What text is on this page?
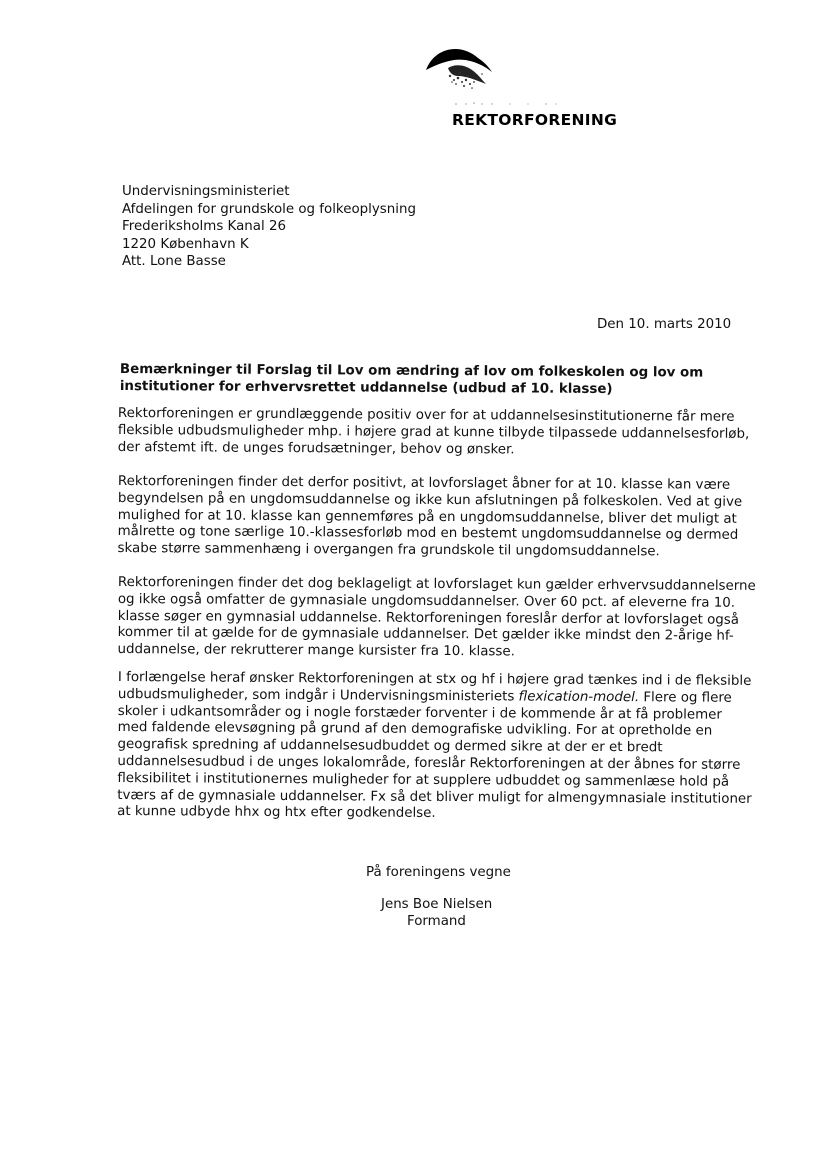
REKTORFORENING
Undervisningsministeriet
Afdelingen for grundskole og folkeoplysning
Frederiksholms Kanal 26
1220 København K
Att. Lone Basse
Den 10. marts 2010
Bemærkninger til Forslag til Lov om ændring af lov om folkeskolen og lov om
institutioner for erhvervsrettet uddannelse (udbud af 10. klasse)
Rektorforeningen er grundlæggende positiv over for at uddannelsesinstitutionerne får mere
fleksible udbudsmuligheder mhp. i højere grad at kunne tilbyde tilpassede uddannelsesforløb,
der afstemt ift. de unges forudsætninger, behov og ønsker.
Rektorforeningen finder det derfor positivt, at lovforslaget åbner for at 10. klasse kan være
begyndelsen på en ungdomsuddannelse og ikke kun afslutningen på folkeskolen. Ved at give
mulighed for at 10. klasse kan gennemføres på en ungdomsuddannelse, bliver det muligt at
målrette og tone særlige 10.-klassesforløb mod en bestemt ungdomsuddannelse og dermed
skabe større sammenhæng i overgangen fra grundskole til ungdomsuddannelse.
Rektorforeningen finder det dog beklageligt at lovforslaget kun gælder erhvervsuddannelserne
og ikke også omfatter de gymnasiale ungdomsuddannelser. Over 60 pct. af eleverne fra 10.
klasse søger en gymnasial uddannelse. Rektorforeningen foreslår derfor at lovforslaget også
kommer til at gælde for de gymnasiale uddannelser. Det gælder ikke mindst den 2-årige hf-
uddannelse, der rekrutterer mange kursister fra 10. klasse.
I forlængelse heraf ønsker Rektorforeningen at stx og hf i højere grad tænkes ind i de fleksible
udbudsmuligheder, som indgår i Undervisningsministeriets flexication-model. Flere og flere
skoler i udkantsområder og i nogle forstæder forventer i de kommende år at få problemer
med faldende elevsøgning på grund af den demografiske udvikling. For at opretholde en
geografisk spredning af uddannelsesudbuddet og dermed sikre at der er et bredt
uddannelsesudbud i de unges lokalområde, foreslår Rektorforeningen at der åbnes for større
fleksibilitet i institutionernes muligheder for at supplere udbuddet og sammenlæse hold på
tværs af de gymnasiale uddannelser. Fx så det bliver muligt for almengymnasiale institutioner
at kunne udbyde hhx og htx efter godkendelse.
På foreningens vegne
Jens Boe Nielsen
Formand
